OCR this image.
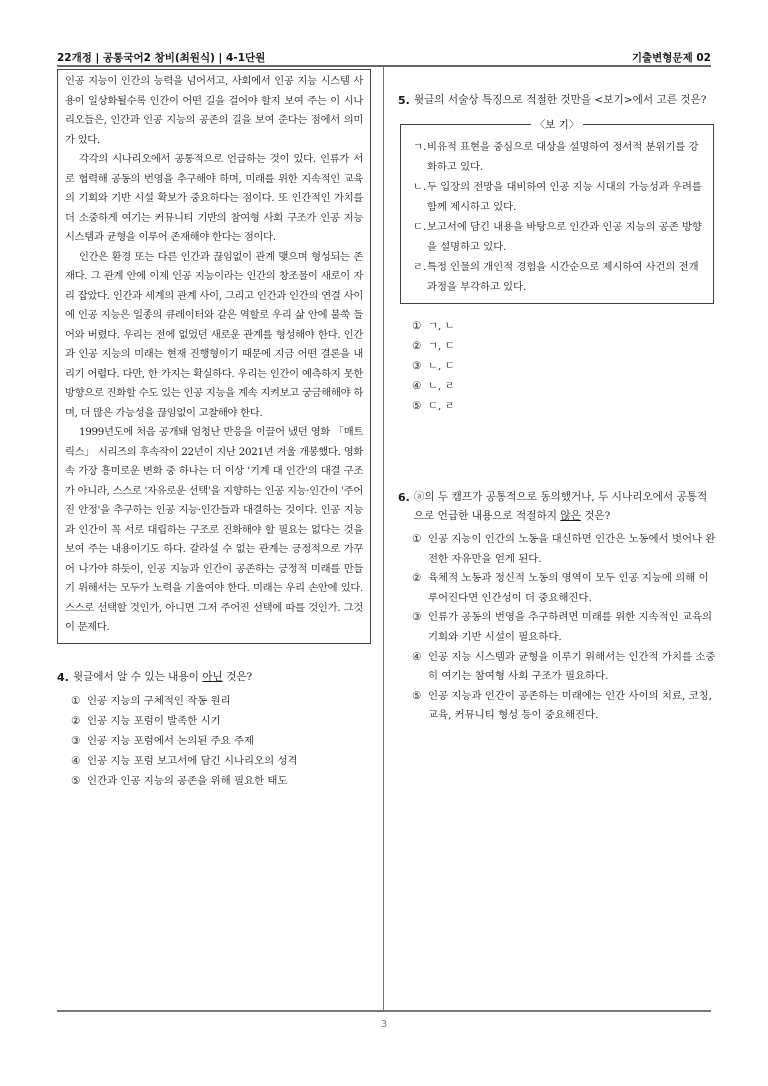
22개정 | 공통국어2 창비(최원식) | 4-1단원	기출변형문제 02

인공 지능이 인간의 능력을 넘어서고, 사회에서 인공 지능 시스템 사용이 일상화될수록 인간이 어떤 길을 걸어야 할지 보여 주는 이 시나리오들은, 인간과 인공 지능의 공존의 길을 보여 준다는 점에서 의미가 있다.

각각의 시나리오에서 공통적으로 언급하는 것이 있다. 인류가 서로 협력해 공동의 번영을 추구해야 하며, 미래를 위한 지속적인 교육의 기회와 기반 시설 확보가 중요하다는 점이다. 또 인간적인 가치를 더 소중하게 여기는 커뮤니티 기반의 참여형 사회 구조가 인공 지능 시스템과 균형을 이루어 존재해야 한다는 점이다.

인간은 환경 또는 다른 인간과 끊임없이 관계 맺으며 형성되는 존재다. 그 관계 안에 이제 인공 지능이라는 인간의 창조물이 새로이 자리 잡았다. 인간과 세계의 관계 사이, 그리고 인간과 인간의 연결 사이에 인공 지능은 일종의 큐레이터와 같은 역할로 우리 삶 안에 불쑥 들어와 버렸다. 우리는 전에 없었던 새로운 관계를 형성해야 한다. 인간과 인공 지능의 미래는 현재 진행형이기 때문에 지금 어떤 결론을 내리기 어렵다. 다만, 한 가지는 확실하다. 우리는 인간이 예측하지 못한 방향으로 진화할 수도 있는 인공 지능을 계속 지켜보고 궁금해해야 하며, 더 많은 가능성을 끊임없이 고찰해야 한다.

1999년도에 처음 공개돼 엄청난 반응을 이끌어 냈던 영화 「매트릭스」 시리즈의 후속작이 22년이 지난 2021년 겨울 개봉했다. 영화 속 가장 흥미로운 변화 중 하나는 더 이상 '기계 대 인간'의 대결 구조가 아니라, 스스로 '자유로운 선택'을 지향하는 인공 지능·인간이 '주어진 안정'을 추구하는 인공 지능·인간들과 대결하는 것이다. 인공 지능과 인간이 꼭 서로 대립하는 구조로 진화해야 할 필요는 없다는 것을 보여 주는 내용이기도 하다. 갈라설 수 없는 관계는 긍정적으로 가꾸어 나가야 하듯이, 인공 지능과 인간이 공존하는 긍정적 미래를 만들기 위해서는 모두가 노력을 기울여야 한다. 미래는 우리 손안에 있다. 스스로 선택할 것인가, 아니면 그저 주어진 선택에 따를 것인가. 그것이 문제다.

4. 윗글에서 알 수 있는 내용이 아닌 것은?
① 인공 지능의 구체적인 작동 원리
② 인공 지능 포럼이 발족한 시기
③ 인공 지능 포럼에서 논의된 주요 주제
④ 인공 지능 포럼 보고서에 담긴 시나리오의 성격
⑤ 인간과 인공 지능의 공존을 위해 필요한 태도
5. 윗글의 서술상 특징으로 적절한 것만을 <보기>에서 고른 것은?
〈보 기〉
ㄱ. 비유적 표현을 중심으로 대상을 설명하여 정서적 분위기를 강화하고 있다.
ㄴ. 두 입장의 전망을 대비하여 인공 지능 시대의 가능성과 우려를 함께 제시하고 있다.
ㄷ. 보고서에 담긴 내용을 바탕으로 인간과 인공 지능의 공존 방향을 설명하고 있다.
ㄹ. 특정 인물의 개인적 경험을 시간순으로 제시하여 사건의 전개 과정을 부각하고 있다.
① ㄱ, ㄴ
② ㄱ, ㄷ
③ ㄴ, ㄷ
④ ㄴ, ㄹ
⑤ ㄷ, ㄹ
6. ⓐ의 두 캠프가 공통적으로 동의했거나, 두 시나리오에서 공통적으로 언급한 내용으로 적절하지 않은 것은?
① 인공 지능이 인간의 노동을 대신하면 인간은 노동에서 벗어나 완전한 자유만을 얻게 된다.
② 육체적 노동과 정신적 노동의 영역이 모두 인공 지능에 의해 이루어진다면 인간성이 더 중요해진다.
③ 인류가 공동의 번영을 추구하려면 미래를 위한 지속적인 교육의 기회와 기반 시설이 필요하다.
④ 인공 지능 시스템과 균형을 이루기 위해서는 인간적 가치를 소중히 여기는 참여형 사회 구조가 필요하다.
⑤ 인공 지능과 인간이 공존하는 미래에는 인간 사이의 치료, 코칭, 교육, 커뮤니티 형성 등이 중요해진다.
3
